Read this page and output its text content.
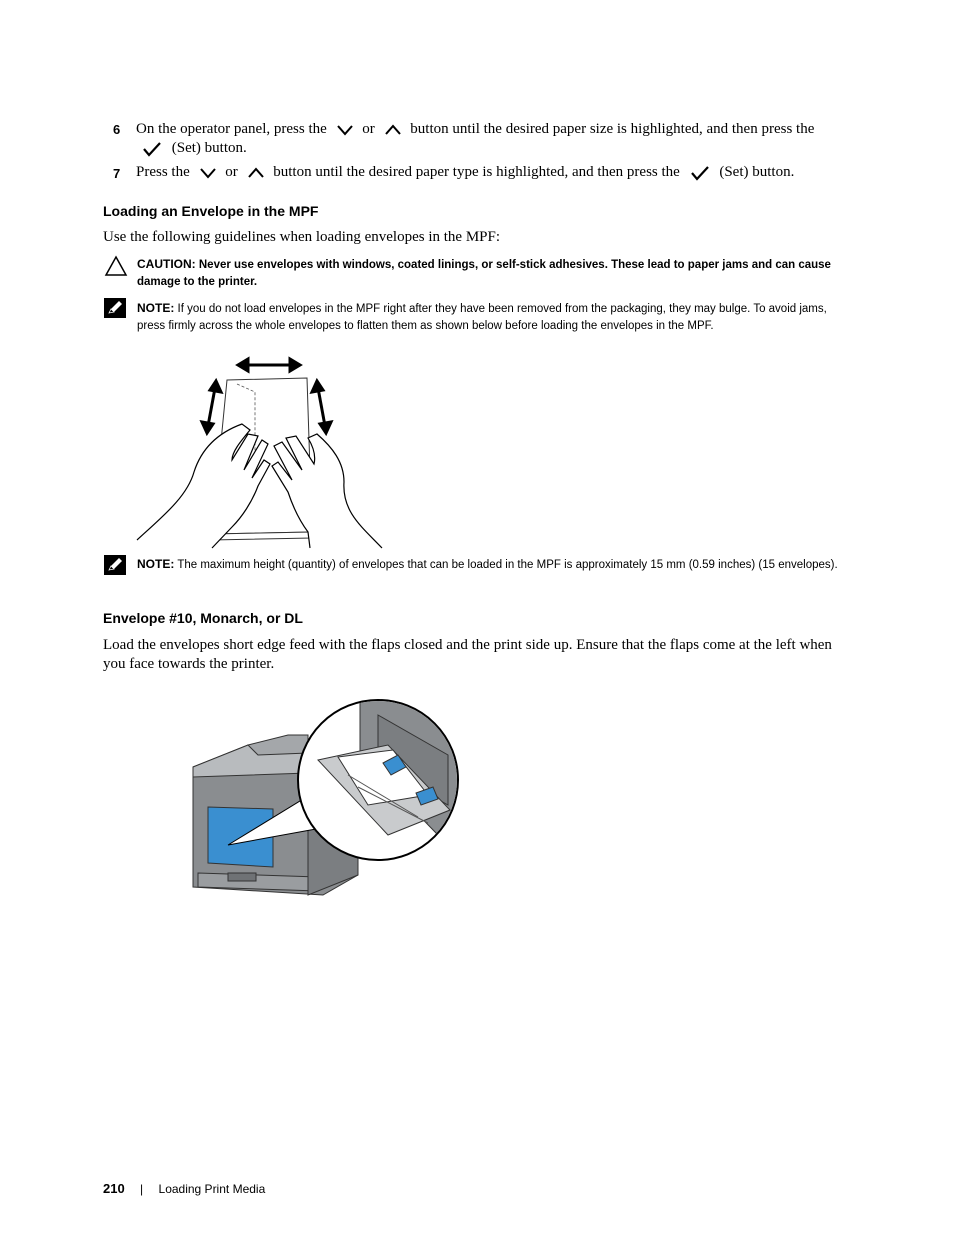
6 On the operator panel, press the or button until the desired paper size is highlighted, and then press the
(Set) button.
7 Press the or button until the desired paper type is highlighted, and then press the	(Set) button.
Loading an Envelope in the MPF
Use the following guidelines when loading envelopes in the MPF:
CAUTION: Never use envelopes with windows, coated linings, or self-stick adhesives. These lead to paper jams and can cause damage to the printer.
NOTE: If you do not load envelopes in the MPF right after they have been removed from the packaging, they may bulge. To avoid jams, press firmly across the whole envelopes to flatten them as shown below before loading the envelopes in the MPF.
NOTE: The maximum height (quantity) of envelopes that can be loaded in the MPF is approximately 15 mm (0.59 inches) (15 envelopes).
Envelope #10, Monarch, or DL
Load the envelopes short edge feed with the flaps closed and the print side up. Ensure that the flaps come at the left when you face towards the printer.
210 | Loading Print Media
